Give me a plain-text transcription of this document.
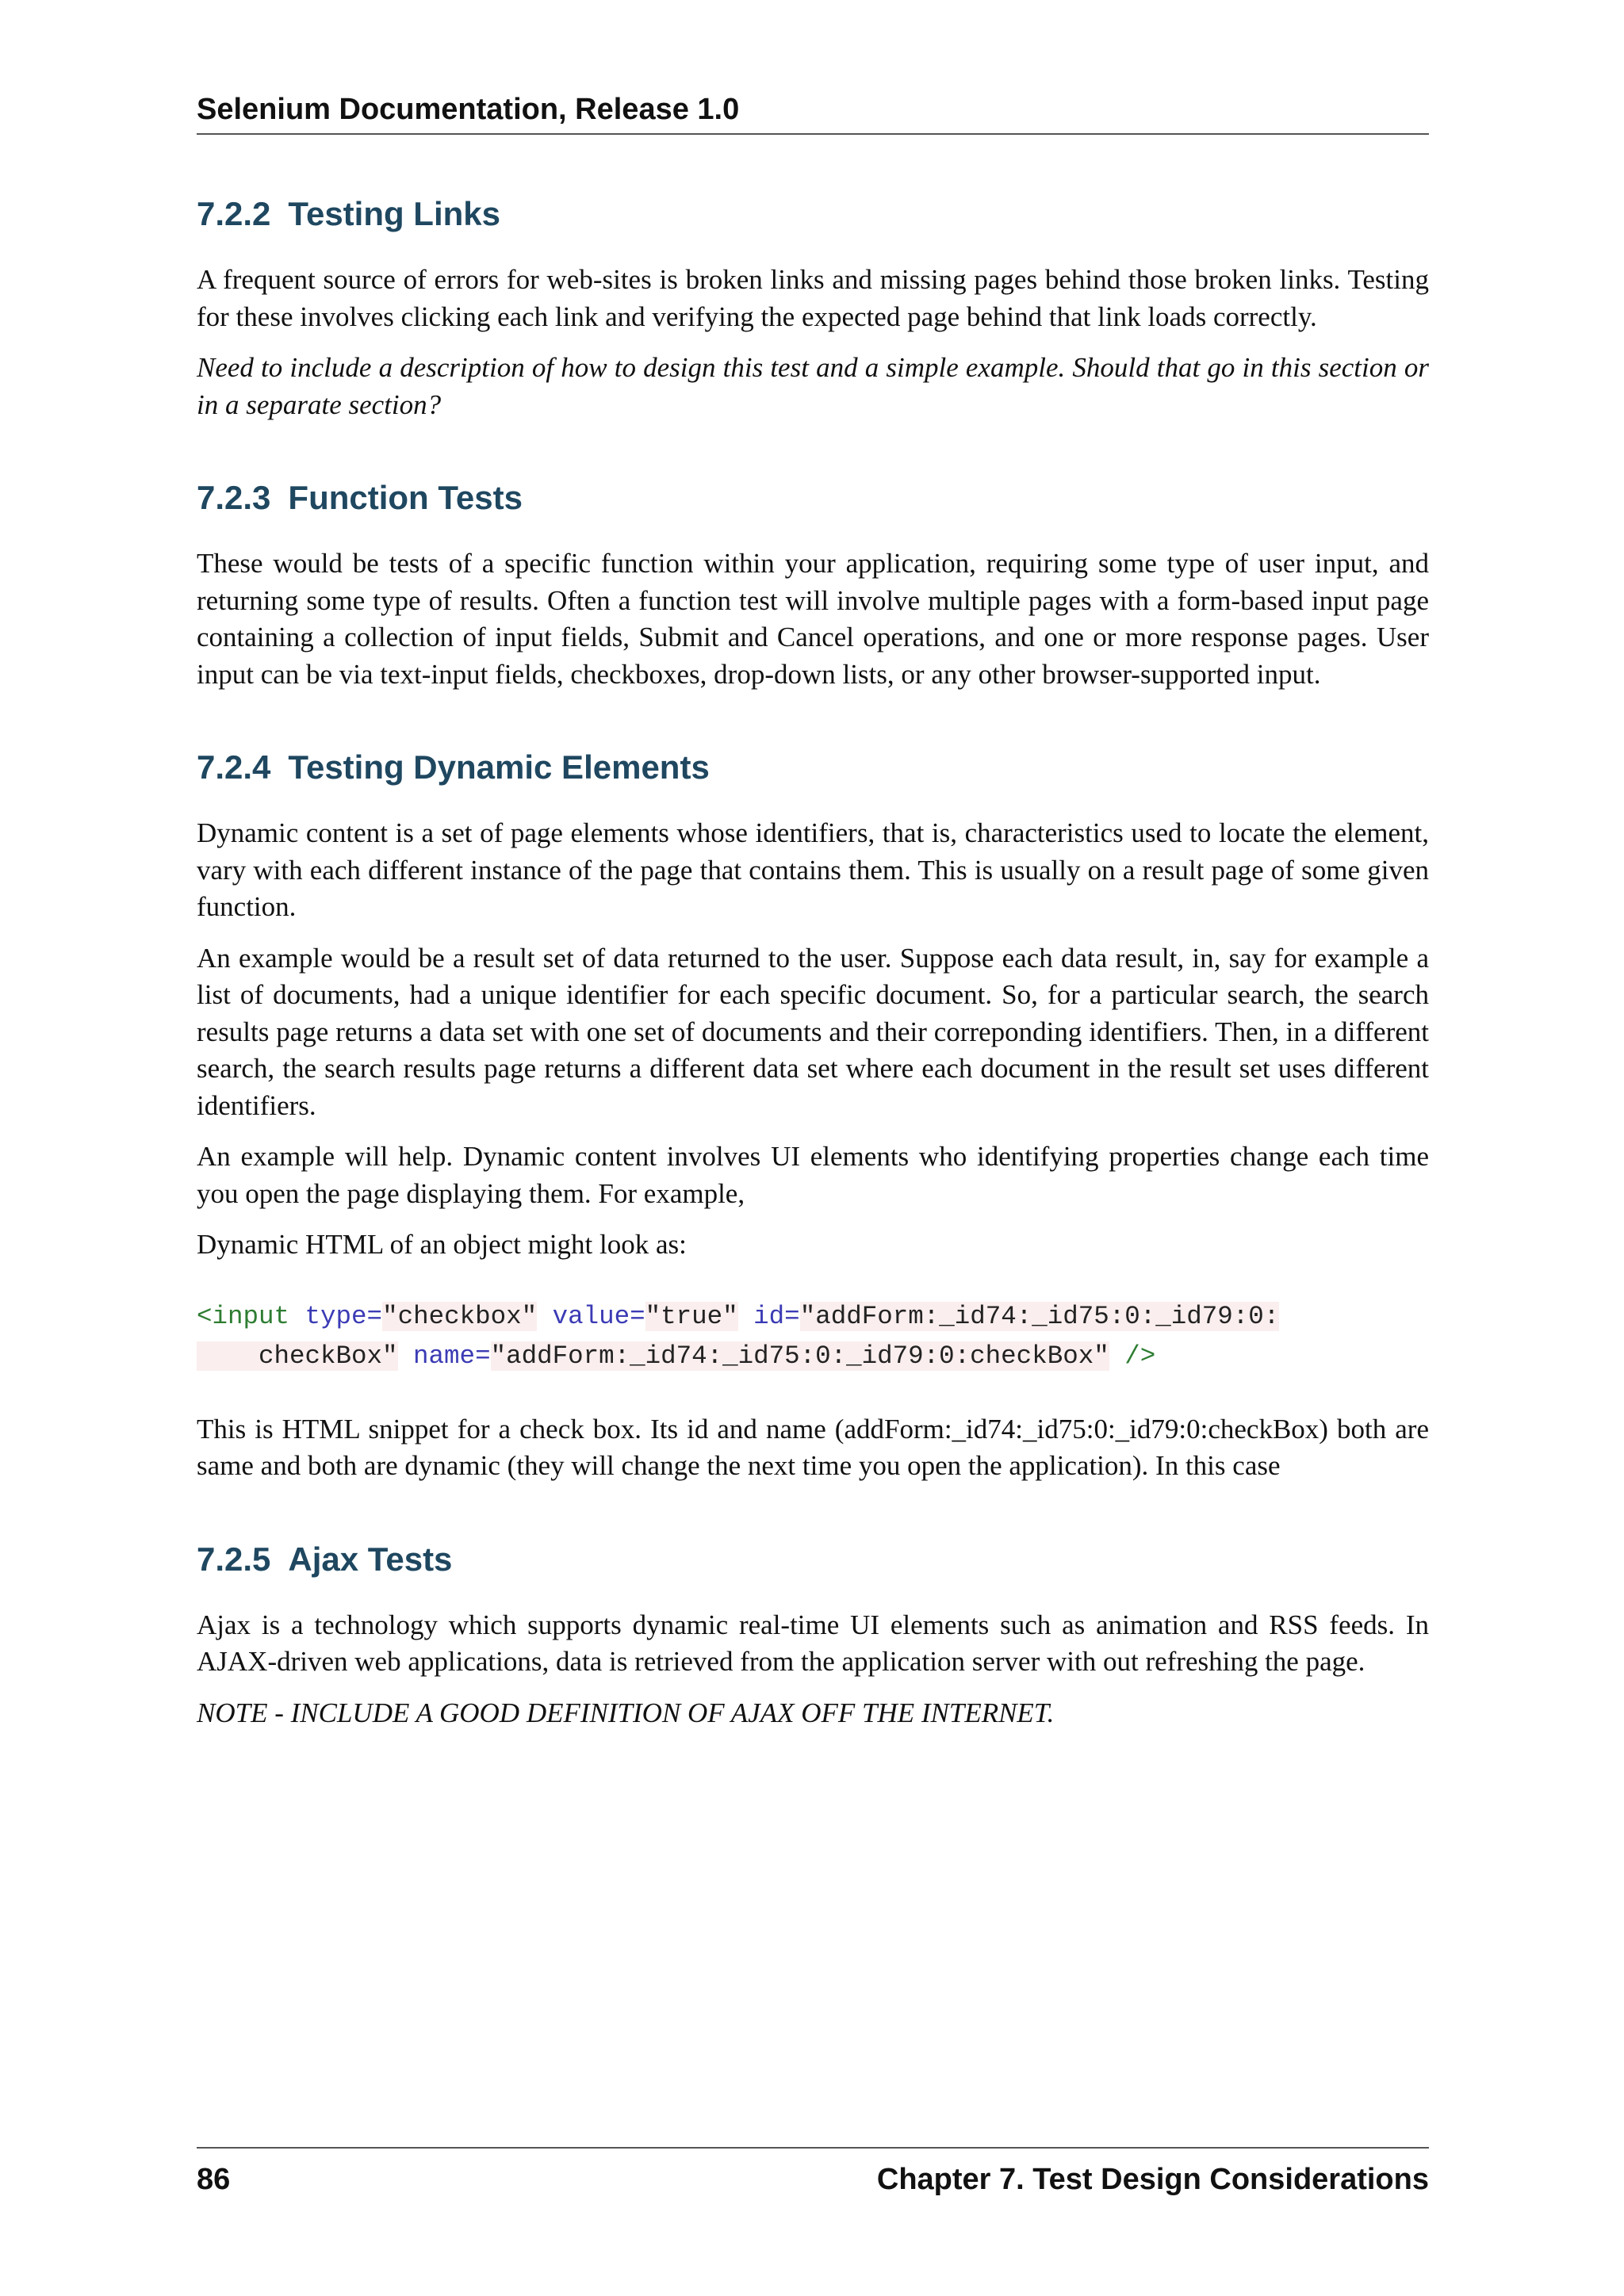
Selenium Documentation, Release 1.0
7.2.2 Testing Links

A frequent source of errors for web-sites is broken links and missing pages behind those broken links. Testing for these involves clicking each link and verifying the expected page behind that link loads correctly.

Need to include a description of how to design this test and a simple example. Should that go in this section or in a separate section?

7.2.3 Function Tests

These would be tests of a specific function within your application, requiring some type of user input, and returning some type of results. Often a function test will involve multiple pages with a form-based input page containing a collection of input fields, Submit and Cancel operations, and one or more response pages. User input can be via text-input fields, checkboxes, drop-down lists, or any other browser-supported input.

7.2.4 Testing Dynamic Elements

Dynamic content is a set of page elements whose identifiers, that is, characteristics used to locate the element, vary with each different instance of the page that contains them. This is usually on a result page of some given function.

An example would be a result set of data returned to the user. Suppose each data result, in, say for example a list of documents, had a unique identifier for each specific document. So, for a particular search, the search results page returns a data set with one set of documents and their correponding identifiers. Then, in a different search, the search results page returns a different data set where each document in the result set uses different identifiers.

An example will help. Dynamic content involves UI elements who identifying properties change each time you open the page displaying them. For example,

Dynamic HTML of an object might look as:

<input type="checkbox" value="true" id="addForm:_id74:_id75:0:_id79:0:
checkBox" name="addForm:_id74:_id75:0:_id79:0:checkBox" />

This is HTML snippet for a check box. Its id and name (addForm:_id74:_id75:0:_id79:0:checkBox) both are same and both are dynamic (they will change the next time you open the application). In this case

7.2.5 Ajax Tests

Ajax is a technology which supports dynamic real-time UI elements such as animation and RSS feeds. In AJAX-driven web applications, data is retrieved from the application server with out refreshing the page.

NOTE - INCLUDE A GOOD DEFINITION OF AJAX OFF THE INTERNET.

86	Chapter 7. Test Design Considerations
